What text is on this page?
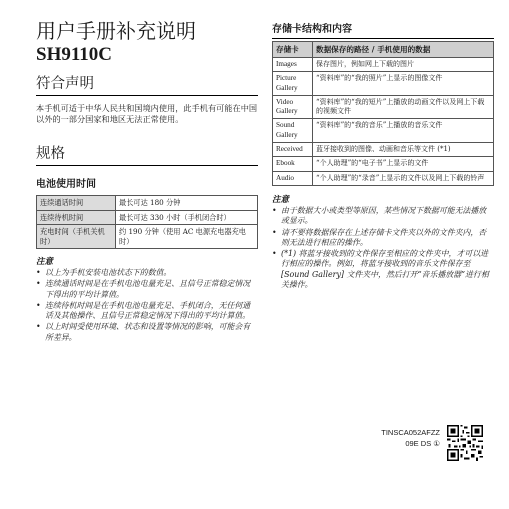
用户手册补充说明
SH9110C
符合声明
本手机可适于中华人民共和国境内使用，此手机有可能在中国以外的一部分国家和地区无法正常使用。
规格
电池使用时间
连续通话时间	最长可达 180 分钟
连续待机时间	最长可达 330 小时（手机闭合时）
充电时间（手机关机时）	约 190 分钟（使用 AC 电源充电器充电时）
注意
• 以上为手机安装电池状态下的数值。
• 连续通话时间是在手机电池电量充足、且信号正常稳定情况下得出的平均计算值。
• 连续待机时间是在手机电池电量充足、手机闭合，无任何通话及其他操作、且信号正常稳定情况下得出的平均计算值。
• 以上时间受使用环境、状态和设置等情况的影响，可能会有所差异。
存储卡结构和内容
存储卡	数据保存的路径 / 手机使用的数据
Images	保存图片，例如网上下载的图片
Picture Gallery	“资料库”的“我的照片”上显示的图像文件
Video Gallery	“资料库”的“我的短片”上播放的动画文件以及网上下载的视频文件
Sound Gallery	“资料库”的“我的音乐”上播放的音乐文件
Received	蓝牙接收到的图像、动画和音乐等文件 (*1)
Ebook	“个人助理”的“电子书”上显示的文件
Audio	“个人助理”的“录音”上显示的文件以及网上下载的铃声
注意
• 由于数据大小或类型等原因，某些情况下数据可能无法播放或显示。
• 请不要将数据保存在上述存储卡文件夹以外的文件夹内，否则无法进行相应的操作。
• (*1) 将蓝牙接收到的文件保存至相应的文件夹中，才可以进行相应的操作。例如，将蓝牙接收到的音乐文件保存至 [Sound Gallery] 文件夹中，然后打开“音乐播放器”进行相关操作。
TINSCA052AFZZ
09E DS ①
